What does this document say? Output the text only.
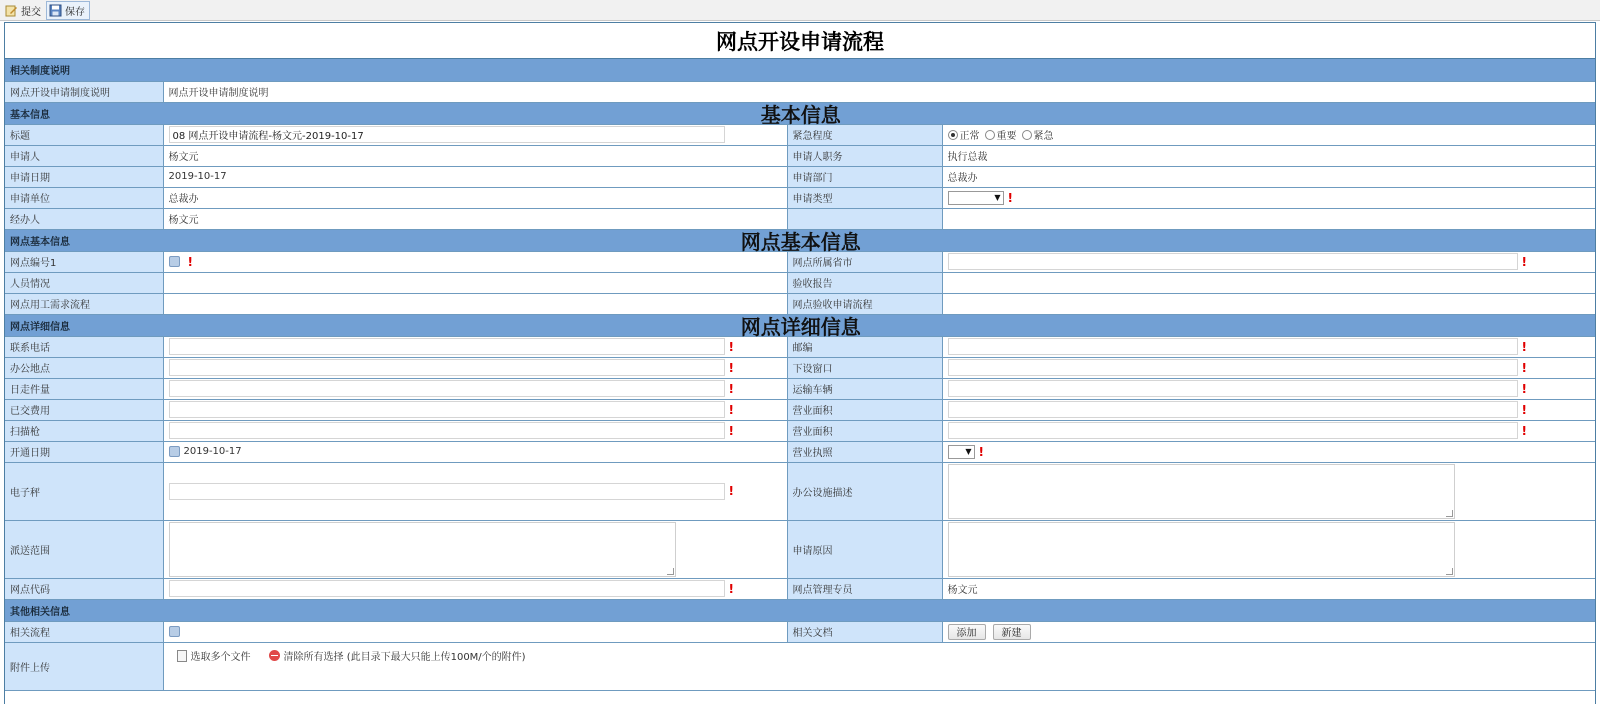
提交 保存
网点开设申请流程
相关制度说明			
网点开设申请制度说明	网点开设申请制度说明		
基本信息 基本信息			

标题	08 网点开设申请流程-杨文元-2019-10-17	紧急程度	正常 重要 紧急

申请人	杨文元	申请人职务	执行总裁
申请日期	2019-10-17	申请部门	总裁办
申请单位	总裁办	申请类型	▼ !

经办人	杨文元		
网点基本信息 网点基本信息			

网点编号1	!	网点所属省市	!

人员情况		验收报告	
网点用工需求流程		网点验收申请流程	
网点详细信息 网点详细信息			

联系电话	!	邮编	!

办公地点	!	下设窗口	!

日走件量	!	运输车辆	!

已交费用	!	营业面积	!

扫描枪	!	营业面积	!

开通日期	2019-10-17	营业执照	▼ !

电子秤	!	办公设施描述	

派送范围		申请原因	

网点代码	!	网点管理专员	杨文元
其他相关信息			
相关流程		相关文档	添加 新建
附件上传	选取多个文件 清除所有选择
(此目录下最大只能上传100M/个的附件)		
